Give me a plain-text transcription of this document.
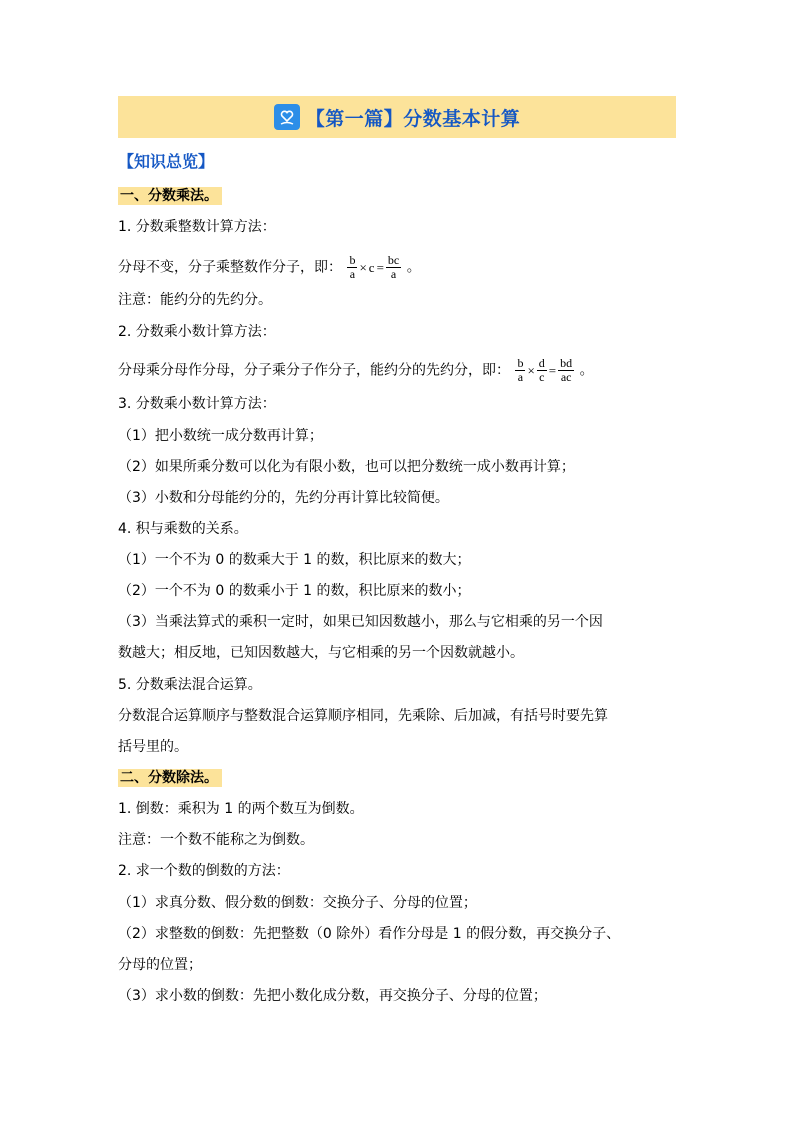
【第一篇】分数基本计算
【知识总览】
一、分数乘法。
1. 分数乘整数计算方法：
分母不变，分子乘整数作分子，即： $\frac{b}{a} \times c = \frac{bc}{a}$ 。
注意：能约分的先约分。
2. 分数乘小数计算方法：
分母乘分母作分母，分子乘分子作分子，能约分的先约分，即： $\frac{b}{a} \times \frac{d}{c} = \frac{bd}{ac}$ 。
3. 分数乘小数计算方法：
（1）把小数统一成分数再计算；
（2）如果所乘分数可以化为有限小数，也可以把分数统一成小数再计算；
（3）小数和分母能约分的，先约分再计算比较简便。
4. 积与乘数的关系。
（1）一个不为 0 的数乘大于 1 的数，积比原来的数大；
（2）一个不为 0 的数乘小于 1 的数，积比原来的数小；
（3）当乘法算式的乘积一定时，如果已知因数越小，那么与它相乘的另一个因
数越大；相反地，已知因数越大，与它相乘的另一个因数就越小。
5. 分数乘法混合运算。
分数混合运算顺序与整数混合运算顺序相同，先乘除、后加减，有括号时要先算
括号里的。
二、分数除法。
1. 倒数：乘积为 1 的两个数互为倒数。
注意：一个数不能称之为倒数。
2. 求一个数的倒数的方法：
（1）求真分数、假分数的倒数：交换分子、分母的位置；
（2）求整数的倒数：先把整数（0 除外）看作分母是 1 的假分数，再交换分子、
分母的位置；
（3）求小数的倒数：先把小数化成分数，再交换分子、分母的位置；
